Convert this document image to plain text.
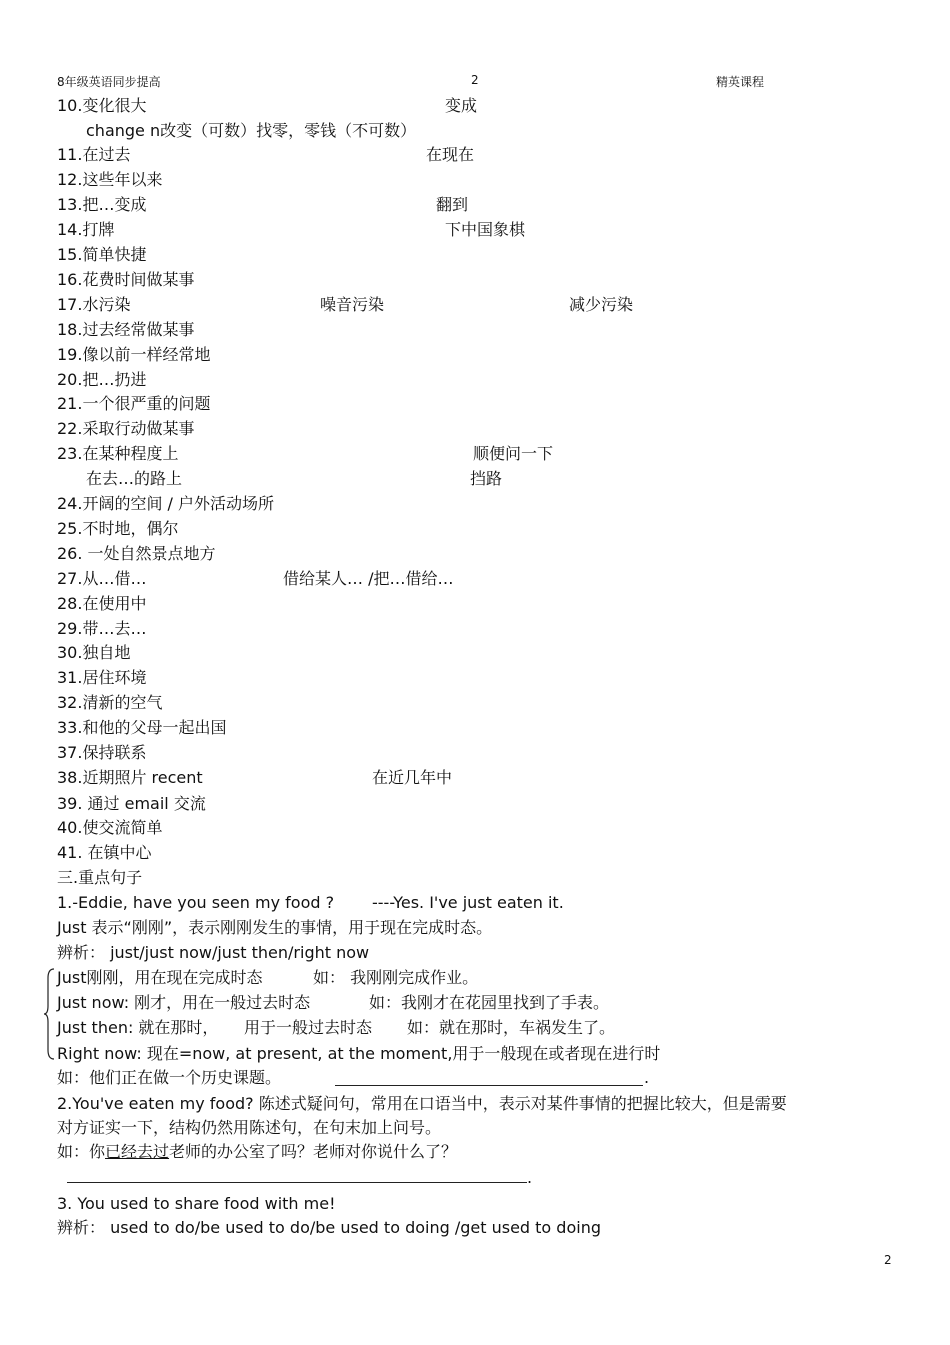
8年级英语同步提高	2	精英课程
10.变化很大	变成
change n改变（可数）找零，零钱（不可数）
11.在过去	在现在
12.这些年以来
13.把…变成	翻到
14.打牌	下中国象棋
15.简单快捷
16.花费时间做某事
17.水污染	噪音污染	减少污染
18.过去经常做某事
19.像以前一样经常地
20.把…扔进
21.一个很严重的问题
22.采取行动做某事
23.在某种程度上	顺便问一下
在去…的路上	挡路
24.开阔的空间 / 户外活动场所
25.不时地，偶尔
26. 一处自然景点地方
27.从…借…	借给某人… /把…借给…
28.在使用中
29.带…去…
30.独自地
31.居住环境
32.清新的空气
33.和他的父母一起出国
37.保持联系
38.近期照片 recent	在近几年中
39. 通过 email 交流
40.使交流简单
41. 在镇中心
三.重点句子
1.-Eddie, have you seen my food ? ----Yes. I've just eaten it.
Just 表示“刚刚”，表示刚刚发生的事情，用于现在完成时态。
辨析： just/just now/just then/right now
Just刚刚，用在现在完成时态	如： 我刚刚完成作业。
Just now: 刚才，用在一般过去时态	如：我刚才在花园里找到了手表。
Just then: 就在那时， 用于一般过去时态 如：就在那时，车祸发生了。
Right now: 现在=now, at present, at the moment,用于一般现在或者现在进行时
如：他们正在做一个历史课题。	.
2.You've eaten my food? 陈述式疑问句，常用在口语当中，表示对某件事情的把握比较大，但是需要
对方证实一下，结构仍然用陈述句，在句末加上问号。
如：你已经去过老师的办公室了吗？老师对你说什么了？
.
3. You used to share food with me!
辨析： used to do/be used to do/be used to doing /get used to doing
2
